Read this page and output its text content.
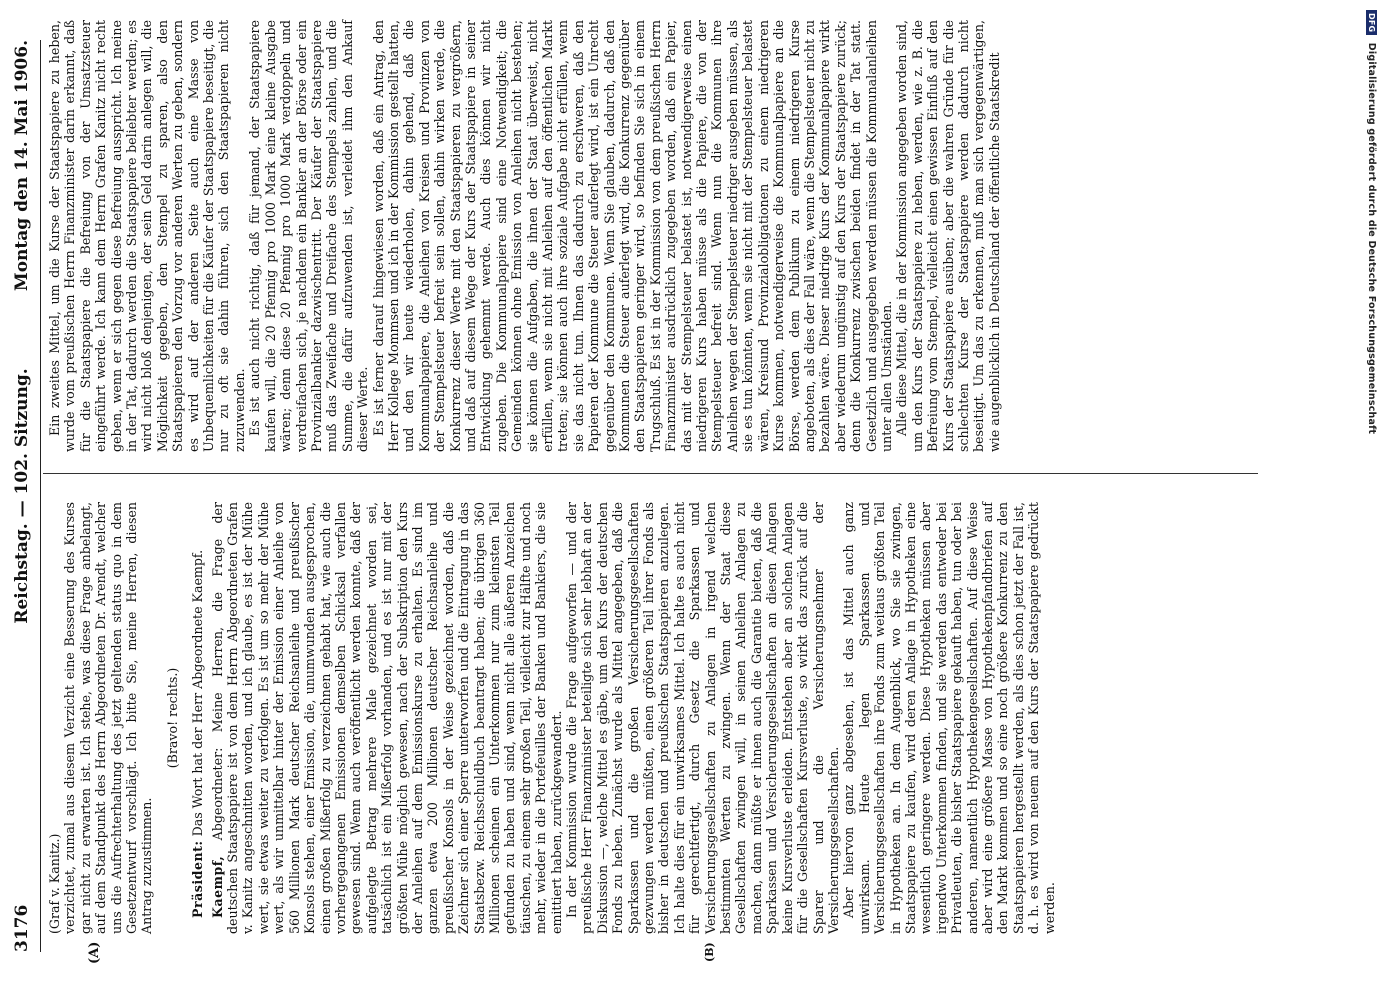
3176
Reichstag. — 102. Sitzung.
Montag den 14. Mai 1906.
(A)	(B)

(Graf v. Kanitz.) verzichtet, zumal aus diesem Verzicht eine Besserung des Kurses gar nicht zu erwarten ist. Ich stehe, was diese Frage anbelangt, auf dem Standpunkt des Herrn Abgeordneten Dr. Arendt, welcher uns die Aufrechterhaltung des jetzt geltenden status quo in dem Gesetzentwurf vorschlägt. Ich bitte Sie, meine Herren, diesen Antrag zuzustimmen.

(Bravo! rechts.)

Präsident: Das Wort hat der Herr Abgeordnete Kaempf.

Kaempf, Abgeordneter: Meine Herren, die Frage der deutschen Staatspapiere ist von dem Herrn Abgeordneten Grafen v. Kanitz angeschnitten worden, und ich glaube, es ist der Mühe wert, sie etwas weiter zu verfolgen. Es ist um so mehr der Mühe wert, als wir unmittelbar hinter der Emission einer Anleihe von 560 Millionen Mark deutscher Reichsanleihe und preußischer Konsols stehen, einer Emission, die, unumwunden ausgesprochen, einen großen Mißerfolg zu verzeichnen gehabt hat, wie auch die vorhergegangenen Emissionen demselben Schicksal verfallen gewesen sind. Wenn auch veröffentlicht werden konnte, daß der aufgelegte Betrag mehrere Male gezeichnet worden sei, tatsächlich ist ein Mißerfolg vorhanden, und es ist nur mit der größten Mühe möglich gewesen, nach der Subskription den Kurs der Anleihen auf dem Emissionskurse zu erhalten. Es sind im ganzen etwa 200 Millionen deutscher Reichsanleihe und preußischer Konsols in der Weise gezeichnet worden, daß die Zeichner sich einer Sperre unterworfen und die Eintragung in das Staatsbezw. Reichsschuldbuch beantragt haben; die übrigen 360 Millionen scheinen ein Unterkommen nur zum kleinsten Teil gefunden zu haben und sind, wenn nicht alle äußeren Anzeichen täuschen, zu einem sehr großen Teil, vielleicht zur Hälfte und noch mehr, wieder in die Portefeuilles der Banken und Bankiers, die sie emittiert haben, zurückgewandert. In der Kommission wurde die Frage aufgeworfen — und der preußische Herr Finanzminister beteiligte sich sehr lebhaft an der Diskussion —, welche Mittel es gäbe, um den Kurs der deutschen Fonds zu heben. Zunächst wurde als Mittel angegeben, daß die Sparkassen und die großen Versicherungsgesellschaften gezwungen werden müßten, einen größeren Teil ihrer Fonds als bisher in deutschen und preußischen Staatspapieren anzulegen. Ich halte dies für ein unwirksames Mittel. Ich halte es auch nicht für gerechtfertigt, durch Gesetz die Sparkassen und Versicherungsgesellschaften zu Anlagen in irgend welchen bestimmten Werten zu zwingen. Wenn der Staat diese Gesellschaften zwingen will, in seinen Anleihen Anlagen zu machen, dann müßte er ihnen auch die Garantie bieten, daß die Sparkassen und Versicherungsgesellschaften an diesen Anlagen keine Kursverluste erleiden. Entstehen aber an solchen Anlagen für die Gesellschaften Kursverluste, so wirkt das zurück auf die Sparer und die Versicherungsnehmer der Versicherungsgesellschaften. Aber hiervon ganz abgesehen, ist das Mittel auch ganz unwirksam. Heute legen Sparkassen und Versicherungsgesellschaften ihre Fonds zum weitaus größten Teil in Hypotheken an. In dem Augenblick, wo Sie sie zwingen, Staatspapiere zu kaufen, wird deren Anlage in Hypotheken eine wesentlich geringere werden. Diese Hypotheken müssen aber irgendwo Unterkommen finden, und sie werden das entweder bei Privatleuten, die bisher Staatspapiere gekauft haben, tun oder bei anderen, namentlich Hypothekengesellschaften. Auf diese Weise aber wird eine größere Masse von Hypothekenpfandbriefen auf den Markt kommen und so eine noch größere Konkurrenz zu den Staatspapieren hergestellt werden, als dies schon jetzt der Fall ist, d. h. es wird von neuem auf den Kurs der Staatspapiere gedrückt werden.

Ein zweites Mittel, um die Kurse der Staatspapiere zu heben, wurde vom preußischen Herrn Finanzminister darin erkannt, daß für die Staatspapiere die Befreiung von der Umsatzsteuer eingeführt werde. Ich kann dem Herrn Grafen Kanitz nicht recht geben, wenn er sich gegen diese Befreiung ausspricht. Ich meine in der Tat, dadurch werden die Staatspapiere beliebter werden; es wird nicht bloß denjenigen, der sein Geld darin anlegen will, die Möglichkeit gegeben, den Stempel zu sparen, also den Staatspapieren den Vorzug vor anderen Werten zu geben, sondern es wird auf der anderen Seite auch eine Masse von Unbequemlichkeiten für die Käufer der Staatspapiere beseitigt, die nur zu oft sie dahin führen, sich den Staatspapieren nicht zuzuwenden. Es ist auch nicht richtig, daß für jemand, der Staatspapiere kaufen will, die 20 Pfennig pro 1000 Mark eine kleine Ausgabe wären; denn diese 20 Pfennig pro 1000 Mark verdoppeln und verdreifachen sich, je nachdem ein Bankier an der Börse oder ein Provinzialbankier dazwischentritt. Der Käufer der Staatspapiere muß das Zweifache und Dreifache des Stempels zahlen, und die Summe, die dafür aufzuwenden ist, verleidet ihm den Ankauf dieser Werte. Es ist ferner darauf hingewiesen worden, daß ein Antrag, den Herr Kollege Mommsen und ich in der Kommission gestellt hatten, und den wir heute wiederholen, dahin gehend, daß die Kommunalpapiere, die Anleihen von Kreisen und Provinzen von der Stempelsteuer befreit sein sollen, dahin wirken werde, die Konkurrenz dieser Werte mit den Staatspapieren zu vergrößern, und daß auf diesem Wege der Kurs der Staatspapiere in seiner Entwicklung gehemmt werde. Auch dies können wir nicht zugeben. Die Kommunalpapiere sind eine Notwendigkeit; die Gemeinden können ohne Emission von Anleihen nicht bestehen; sie können die Aufgaben, die ihnen der Staat überweist, nicht erfüllen, wenn sie nicht mit Anleihen auf den öffentlichen Markt treten; sie können auch ihre soziale Aufgabe nicht erfüllen, wenn sie das nicht tun. Ihnen das dadurch zu erschweren, daß den Papieren der Kommune die Steuer auferlegt wird, ist ein Unrecht gegenüber den Kommunen. Wenn Sie glauben, dadurch, daß den Kommunen die Steuer auferlegt wird, die Konkurrenz gegenüber den Staatspapieren geringer wird, so befinden Sie sich in einem Trugschluß. Es ist in der Kommission von dem preußischen Herrn Finanzminister ausdrücklich zugegeben worden, daß ein Papier, das mit der Stempelsteuer belastet ist, notwendigerweise einen niedrigeren Kurs haben müsse als die Papiere, die von der Stempelsteuer befreit sind. Wenn nun die Kommunen ihre Anleihen wegen der Stempelsteuer niedriger ausgeben müssen, als sie es tun könnten, wenn sie nicht mit der Stempelsteuer belastet wären, Kreisund Provinzialobligationen zu einem niedrigeren Kurse kommen, notwendigerweise die Kommunalpapiere an die Börse, werden dem Publikum zu einem niedrigeren Kurse angeboten, als dies der Fall wäre, wenn die Stempelsteuer nicht zu bezahlen wäre. Dieser niedrige Kurs der Kommunalpapiere wirkt aber wiederum ungünstig auf den Kurs der Staatspapiere zurück; denn die Konkurrenz zwischen beiden findet in der Tat statt. Gesetzlich und ausgegeben werden müssen die Kommunalanleihen unter allen Umständen. Alle diese Mittel, die in der Kommission angegeben worden sind, um den Kurs der Staatspapiere zu heben, werden, wie z. B. die Befreiung vom Stempel, vielleicht einen gewissen Einfluß auf den Kurs der Staatspapiere ausüben; aber die wahren Gründe für die schlechten Kurse der Staatspapiere werden dadurch nicht beseitigt. Um das zu erkennen, muß man sich vergegenwärtigen, wie augenblicklich in Deutschland der öffentliche Staatskredit

DFG Digitalisierung gefördert durch die Deutsche Forschungsgemeinschaft
